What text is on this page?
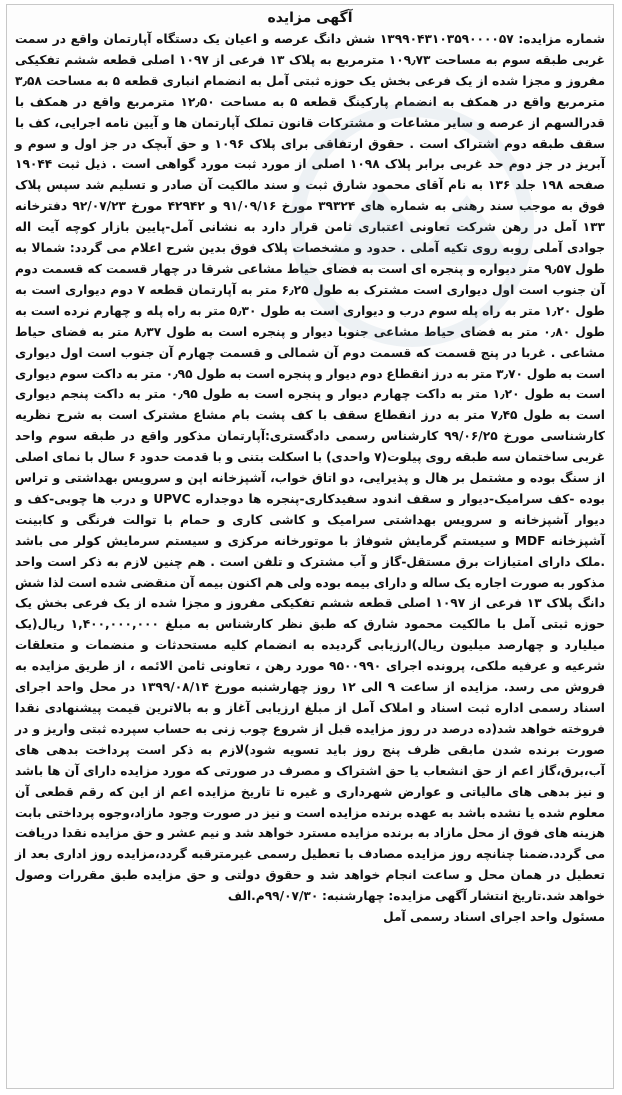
آگهی مزایده

شماره مزایده: ۱۳۹۹۰۴۳۱۰۳۵۹۰۰۰۰۵۷ شش دانگ عرصه و اعیان یک دستگاه آپارتمان واقع در سمت غربی طبقه سوم به مساحت ۱۰۹٫۷۳ مترمربع به پلاک ۱۳ فرعی از ۱۰۹۷ اصلی قطعه ششم تفکیکی مفروز و مجزا شده از یک فرعی بخش یک حوزه ثبتی آمل به انضمام انباری قطعه ۵ به مساحت ۳٫۵۸ مترمربع واقع در همکف به انضمام پارکینگ قطعه ۵ به مساحت ۱۲٫۵۰ مترمربع واقع در همکف با قدرالسهم از عرصه و سایر مشاعات و مشترکات قانون تملک آپارتمان ها و آیین نامه اجرایی، کف با سقف طبقه دوم اشتراک است . حقوق ارتفاقی برای پلاک ۱۰۹۶ و حق آبچک در جز اول و سوم و آبریز در جز دوم حد غربی برابر پلاک ۱۰۹۸ اصلی از مورد ثبت مورد گواهی است . ذیل ثبت ۱۹۰۴۴ صفحه ۱۹۸ جلد ۱۳۶ به نام آقای محمود شارق ثبت و سند مالکیت آن صادر و تسلیم شد سپس پلاک فوق به موجب سند رهنی به شماره های ۳۹۳۲۴ مورخ ۹۱/۰۹/۱۶ و ۴۲۹۴۲ مورخ ۹۲/۰۷/۲۳ دفترخانه ۱۳۳ آمل در رهن شرکت تعاونی اعتباری ثامن قرار دارد به نشانی آمل-پایین بازار کوچه آیت اله جوادی آملی روبه روی تکیه آملی . حدود و مشخصات پلاک فوق بدین شرح اعلام می گردد: شمالا به طول ۹٫۵۷ متر دیواره و پنجره ای است به فضای حیاط مشاعی شرقا در چهار قسمت که قسمت دوم آن جنوب است اول دیواری است مشترک به طول ۶٫۲۵ متر به آپارتمان قطعه ۷ دوم دیواری است به طول ۱٫۲۰ متر به راه پله سوم درب و دیواری است به طول ۵٫۳۰ متر به راه پله و چهارم نرده است به طول ۰٫۸۰ متر به فضای حیاط مشاعی جنوبا دیوار و پنجره است به طول ۸٫۳۷ متر به فضای حیاط مشاعی . غربا در پنج قسمت که قسمت دوم آن شمالی و قسمت چهارم آن جنوب است اول دیواری است به طول ۳٫۷۰ متر به درز انقطاع دوم دیوار و پنجره است به طول ۰٫۹۵ متر به داکت سوم دیواری است به طول ۱٫۲۰ متر به داکت چهارم دیوار و پنجره است به طول ۰٫۹۵ متر به داکت پنجم دیواری است به طول ۷٫۴۵ متر به درز انقطاع سقف با کف پشت بام مشاع مشترک است به شرح نظریه کارشناسی مورخ ۹۹/۰۶/۲۵ کارشناس رسمی دادگستری:آپارتمان مذکور واقع در طبقه سوم واحد غربی ساختمان سه طبقه روی پیلوت(۷ واحدی) با اسکلت بتنی و با قدمت حدود ۶ سال با نمای اصلی از سنگ بوده و مشتمل بر هال و پذیرایی، دو اتاق خواب، آشپزخانه اپن و سرویس بهداشتی و تراس بوده -کف سرامیک-دیوار و سقف اندود سفیدکاری-پنجره ها دوجداره UPVC و درب ها چوبی-کف و دیوار آشپزخانه و سرویس بهداشتی سرامیک و کاشی کاری و حمام با توالت فرنگی و کابینت آشپزخانه MDF و سیستم گرمایش شوفاژ با موتورخانه مرکزی و سیستم سرمایش کولر می باشد .ملک دارای امتیازات برق مستقل-گاز و آب مشترک و تلفن است . هم چنین لازم به ذکر است واحد مذکور به صورت اجاره یک ساله و دارای بیمه بوده ولی هم اکنون بیمه آن منقضی شده است لذا شش دانگ پلاک ۱۳ فرعی از ۱۰۹۷ اصلی قطعه ششم تفکیکی مفروز و مجزا شده از یک فرعی بخش یک حوزه ثبتی آمل با مالکیت محمود شارق که طبق نظر کارشناس به مبلغ ۱,۴۰۰,۰۰۰,۰۰۰ ریال(یک میلیارد و چهارصد میلیون ریال)ارزیابی گردیده به انضمام کلیه مستحدثات و منضمات و متعلقات شرعیه و عرفیه ملکی، پرونده اجرای ۹۵۰۰۹۹۰ مورد رهن ، تعاونی ثامن الائمه ، از طریق مزایده به فروش می رسد. مزایده از ساعت ۹ الی ۱۲ روز چهارشنبه مورخ ۱۳۹۹/۰۸/۱۴ در محل واحد اجرای اسناد رسمی اداره ثبت اسناد و املاک آمل از مبلغ ارزیابی آغاز و به بالاترین قیمت پیشنهادی نقدا فروخته خواهد شد(ده درصد در روز مزایده قبل از شروع چوب زنی به حساب سپرده ثبتی واریز و در صورت برنده شدن مابقی ظرف پنج روز باید تسویه شود)لازم به ذکر است پرداخت بدهی های آب،برق،گاز اعم از حق انشعاب یا حق اشتراک و مصرف در صورتی که مورد مزایده دارای آن ها باشد و نیز بدهی های مالیاتی و عوارض شهرداری و غیره تا تاریخ مزایده اعم از این که رقم قطعی آن معلوم شده یا نشده باشد به عهده برنده مزایده است و نیز در صورت وجود مازاد،وجوه پرداختی بابت هزینه های فوق از محل مازاد به برنده مزایده مسترد خواهد شد و نیم عشر و حق مزایده نقدا دریافت می گردد.ضمنا چنانچه روز مزایده مصادف با تعطیل رسمی غیرمترقبه گردد،مزایده روز اداری بعد از تعطیل در همان محل و ساعت انجام خواهد شد و حقوق دولتی و حق مزایده طبق مقررات وصول خواهد شد.تاریخ انتشار آگهی مزایده: چهارشنبه: ۹۹/۰۷/۳۰م.الف

مسئول واحد اجرای اسناد رسمی آمل
